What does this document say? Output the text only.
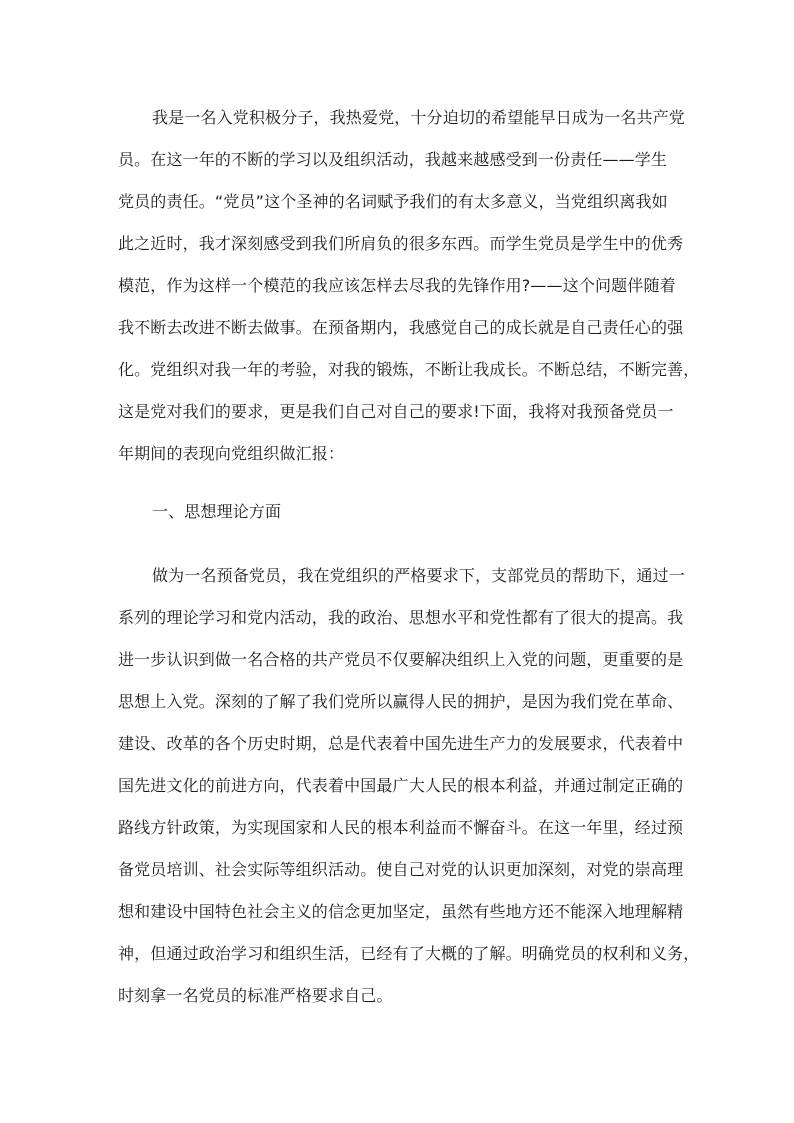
我是一名入党积极分子，我热爱党，十分迫切的希望能早日成为一名共产党
员。在这一年的不断的学习以及组织活动，我越来越感受到一份责任——学生
党员的责任。“党员”这个圣神的名词赋予我们的有太多意义，当党组织离我如
此之近时，我才深刻感受到我们所肩负的很多东西。而学生党员是学生中的优秀
模范，作为这样一个模范的我应该怎样去尽我的先锋作用?——这个问题伴随着
我不断去改进不断去做事。在预备期内，我感觉自己的成长就是自己责任心的强
化。党组织对我一年的考验，对我的锻炼，不断让我成长。不断总结，不断完善，
这是党对我们的要求，更是我们自己对自己的要求!下面，我将对我预备党员一
年期间的表现向党组织做汇报：
一、思想理论方面
做为一名预备党员，我在党组织的严格要求下，支部党员的帮助下，通过一
系列的理论学习和党内活动，我的政治、思想水平和党性都有了很大的提高。我
进一步认识到做一名合格的共产党员不仅要解决组织上入党的问题，更重要的是
思想上入党。深刻的了解了我们党所以赢得人民的拥护，是因为我们党在革命、
建设、改革的各个历史时期，总是代表着中国先进生产力的发展要求，代表着中
国先进文化的前进方向，代表着中国最广大人民的根本利益，并通过制定正确的
路线方针政策，为实现国家和人民的根本利益而不懈奋斗。在这一年里，经过预
备党员培训、社会实际等组织活动。使自己对党的认识更加深刻，对党的崇高理
想和建设中国特色社会主义的信念更加坚定，虽然有些地方还不能深入地理解精
神，但通过政治学习和组织生活，已经有了大概的了解。明确党员的权利和义务，
时刻拿一名党员的标准严格要求自己。
